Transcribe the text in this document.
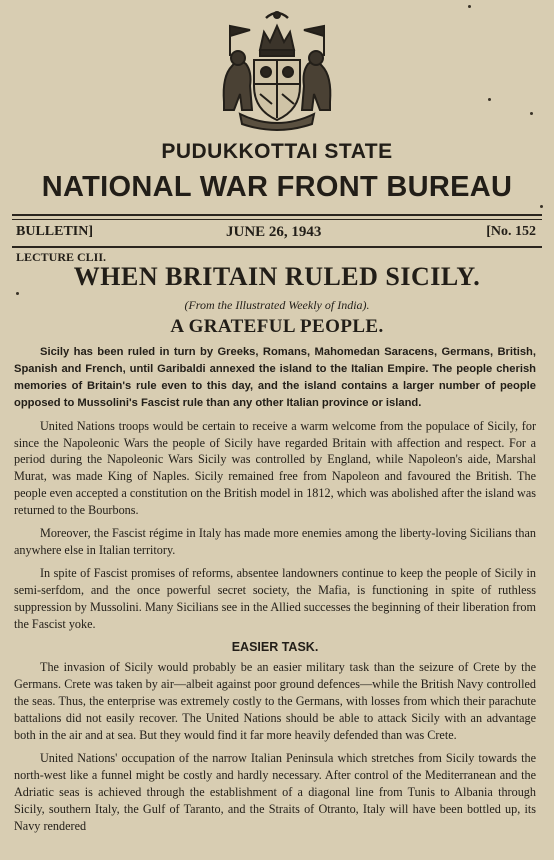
PUDUKKOTTAI STATE
NATIONAL WAR FRONT BUREAU
BULLETIN]	JUNE 26, 1943	[No. 152
LECTURE CLII.
WHEN BRITAIN RULED SICILY.
(From the Illustrated Weekly of India).
A GRATEFUL PEOPLE.

Sicily has been ruled in turn by Greeks, Romans, Mahomedan Saracens, Germans, British, Spanish and French, until Garibaldi annexed the island to the Italian Empire. The people cherish memories of Britain's rule even to this day, and the island contains a larger number of people opposed to Mussolini's Fascist rule than any other Italian province or island.

United Nations troops would be certain to receive a warm welcome from the populace of Sicily, for since the Napoleonic Wars the people of Sicily have regarded Britain with affection and respect. For a period during the Napoleonic Wars Sicily was controlled by England, while Napoleon's aide, Marshal Murat, was made King of Naples. Sicily remained free from Napoleon and favoured the British. The people even accepted a constitution on the British model in 1812, which was abolished after the island was returned to the Bourbons.

Moreover, the Fascist régime in Italy has made more enemies among the liberty-loving Sicilians than anywhere else in Italian territory.

In spite of Fascist promises of reforms, absentee landowners continue to keep the people of Sicily in semi-serfdom, and the once powerful secret society, the Mafia, is functioning in spite of ruthless suppression by Mussolini. Many Sicilians see in the Allied successes the beginning of their liberation from the Fascist yoke.

EASIER TASK.

The invasion of Sicily would probably be an easier military task than the seizure of Crete by the Germans. Crete was taken by air—albeit against poor ground defences—while the British Navy controlled the seas. Thus, the enterprise was extremely costly to the Germans, with losses from which their parachute battalions did not easily recover. The United Nations should be able to attack Sicily with an advantage both in the air and at sea. But they would find it far more heavily defended than was Crete.

United Nations' occupation of the narrow Italian Peninsula which stretches from Sicily towards the north-west like a funnel might be costly and hardly necessary. After control of the Mediterranean and the Adriatic seas is achieved through the establishment of a diagonal line from Tunis to Albania through Sicily, southern Italy, the Gulf of Taranto, and the Straits of Otranto, Italy will have been bottled up, its Navy rendered
